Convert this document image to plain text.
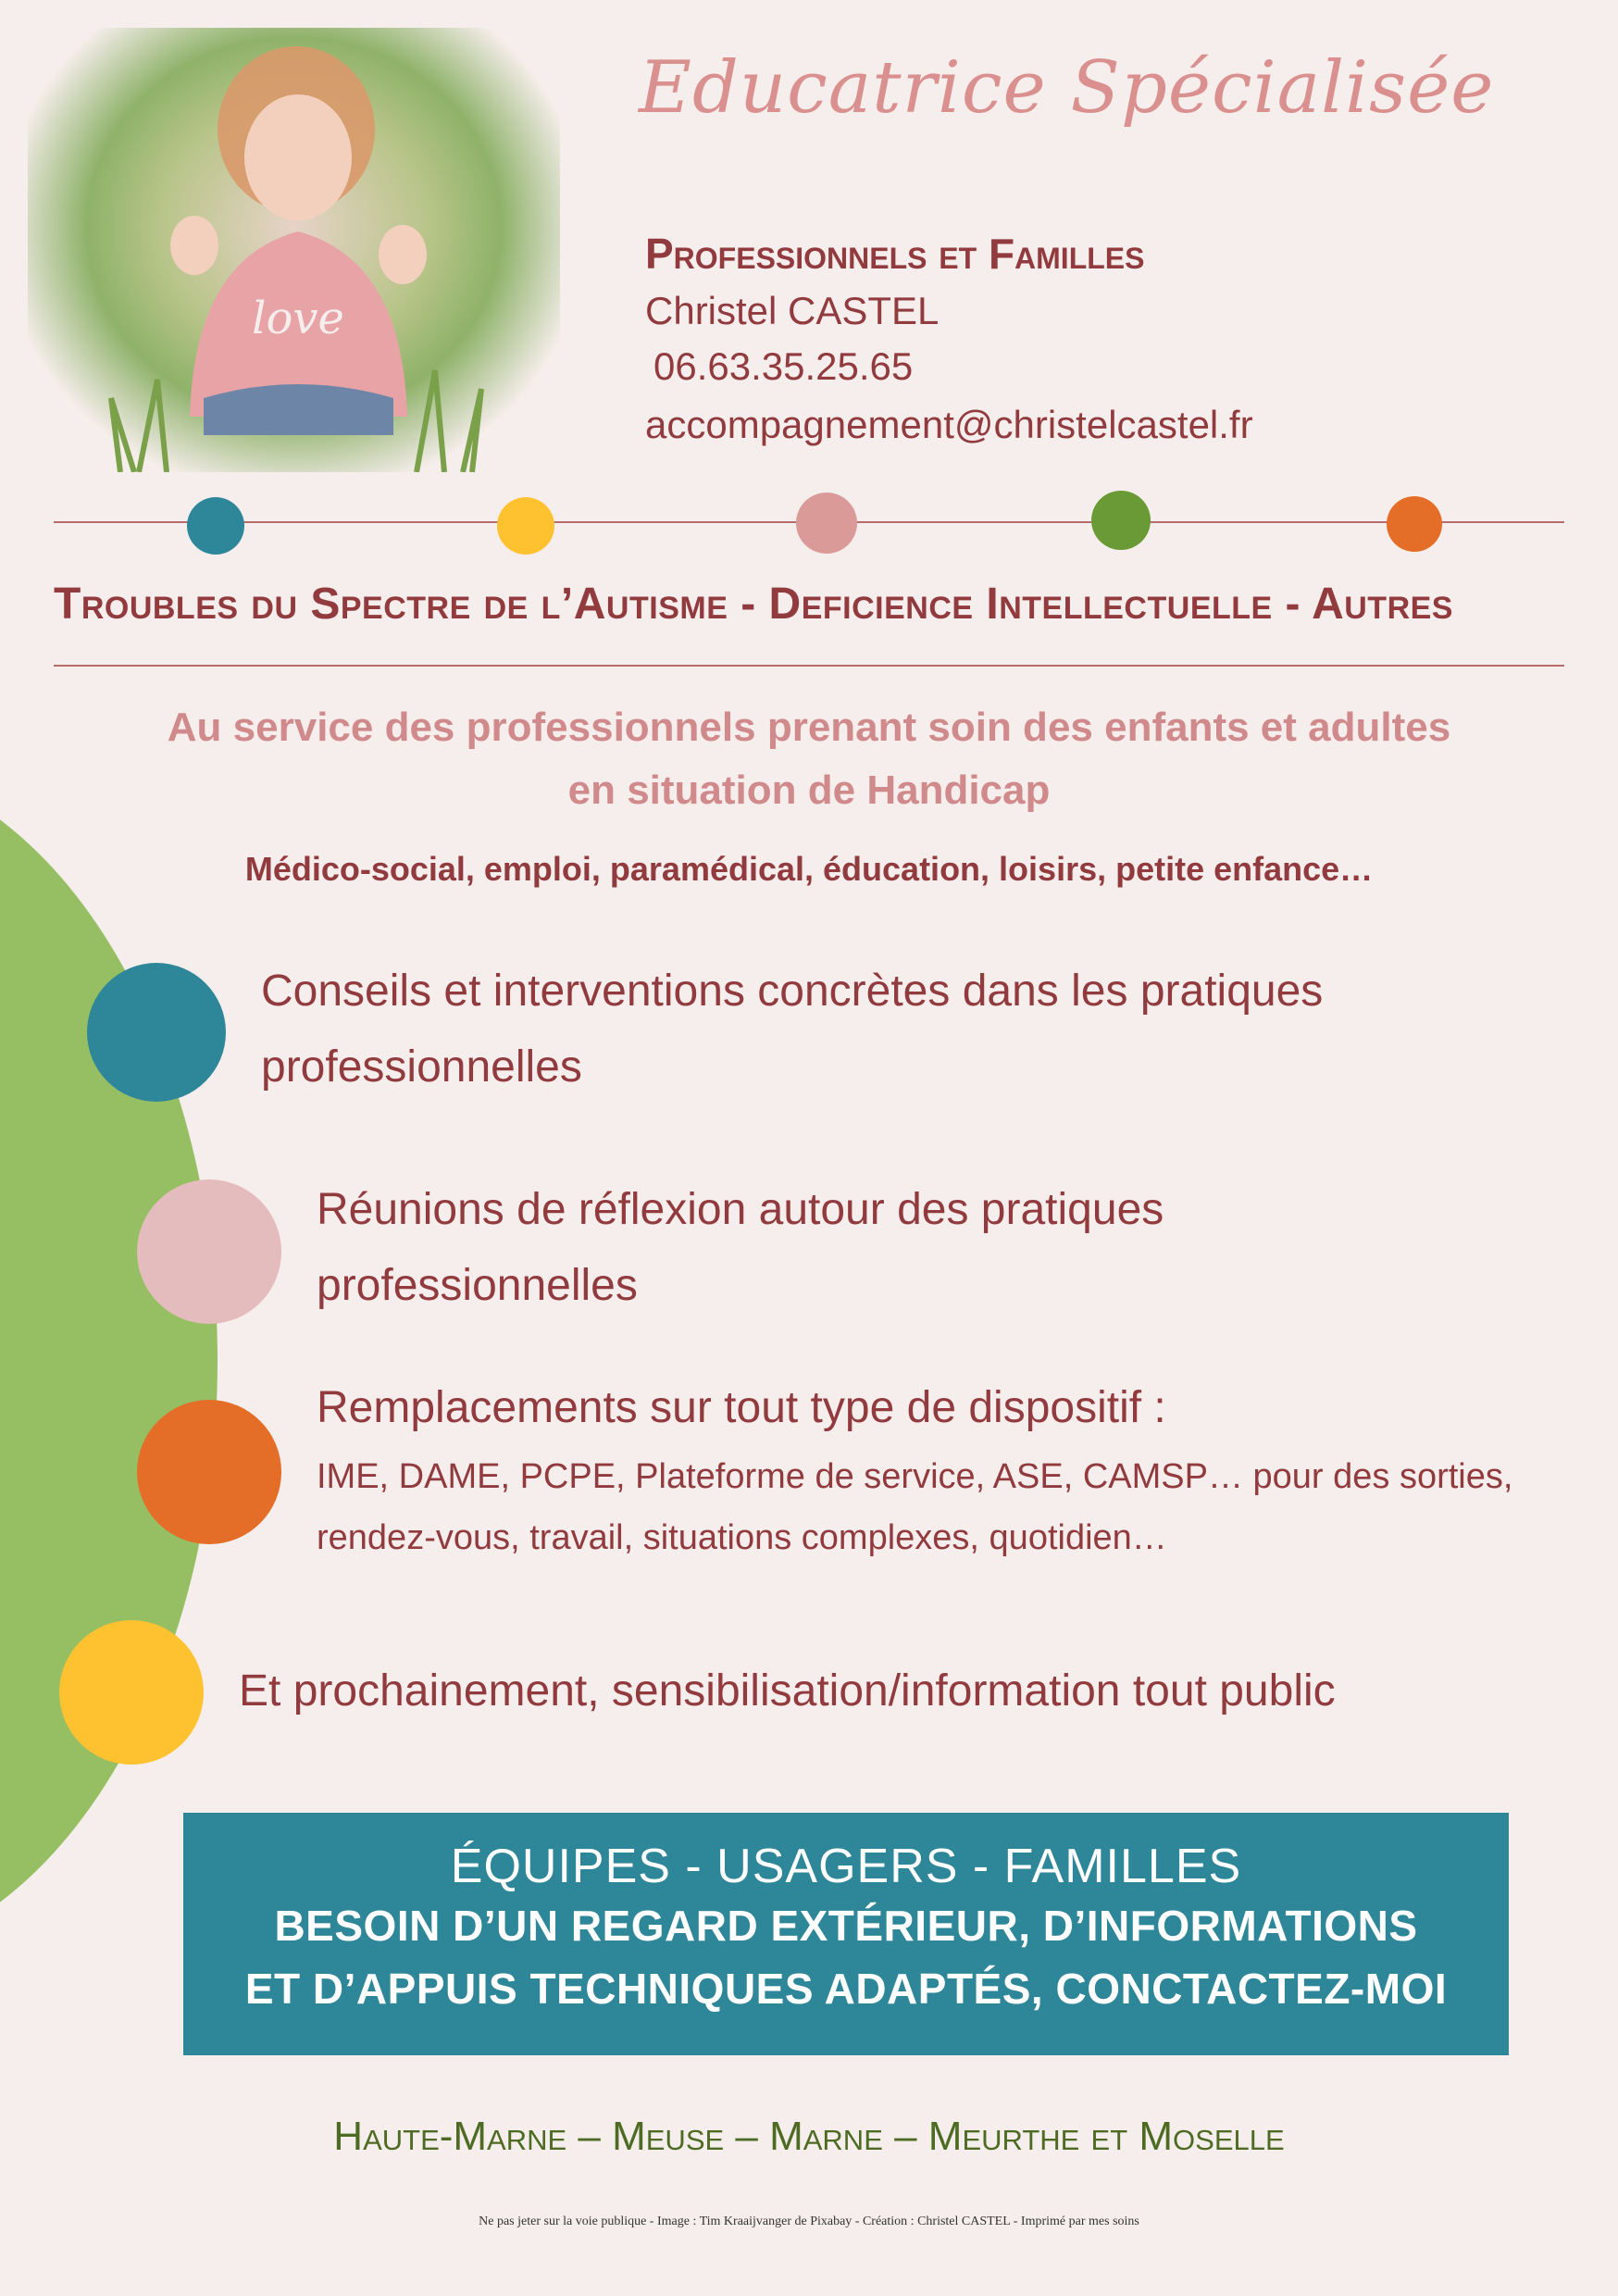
love
Educatrice Spécialisée
Professionnels et Familles
Christel CASTEL
06.63.35.25.65
accompagnement@christelcastel.fr
Troubles du Spectre de l’Autisme - Deficience Intellectuelle - Autres
Au service des professionnels prenant soin des enfants et adultes
en situation de Handicap
Médico-social, emploi, paramédical, éducation, loisirs, petite enfance…
Conseils et interventions concrètes dans les pratiques
professionnelles
Réunions de réflexion autour des pratiques
professionnelles
Remplacements sur tout type de dispositif :
IME, DAME, PCPE, Plateforme de service, ASE, CAMSP… pour des sorties,
rendez-vous, travail, situations complexes, quotidien…
Et prochainement, sensibilisation/information tout public
ÉQUIPES - USAGERS - FAMILLES
BESOIN D’UN REGARD EXTÉRIEUR, D’INFORMATIONS
ET D’APPUIS TECHNIQUES ADAPTÉS, CONCTACTEZ-MOI
Haute-Marne – Meuse – Marne – Meurthe et Moselle
Ne pas jeter sur la voie publique - Image : Tim Kraaijvanger de Pixabay - Création : Christel CASTEL - Imprimé par mes soins
